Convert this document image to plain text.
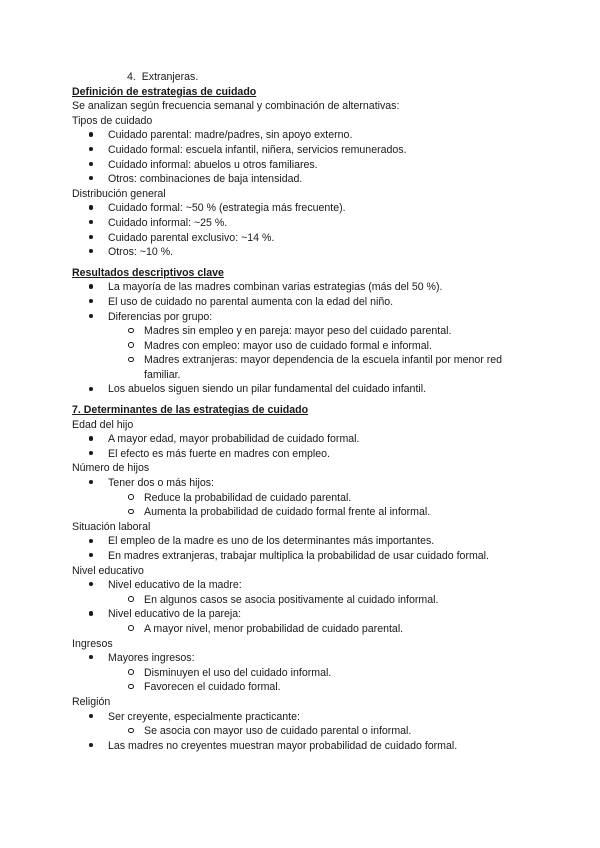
4. Extranjeras.
Definición de estrategias de cuidado
Se analizan según frecuencia semanal y combinación de alternativas:
Tipos de cuidado
Cuidado parental: madre/padres, sin apoyo externo.
Cuidado formal: escuela infantil, niñera, servicios remunerados.
Cuidado informal: abuelos u otros familiares.
Otros: combinaciones de baja intensidad.
Distribución general
Cuidado formal: ~50 % (estrategia más frecuente).
Cuidado informal: ~25 %.
Cuidado parental exclusivo: ~14 %.
Otros: ~10 %.
Resultados descriptivos clave
La mayoría de las madres combinan varias estrategias (más del 50 %).
El uso de cuidado no parental aumenta con la edad del niño.
Diferencias por grupo:
Madres sin empleo y en pareja: mayor peso del cuidado parental.
Madres con empleo: mayor uso de cuidado formal e informal.
Madres extranjeras: mayor dependencia de la escuela infantil por menor red
familiar.
Los abuelos siguen siendo un pilar fundamental del cuidado infantil.
7. Determinantes de las estrategias de cuidado
Edad del hijo
A mayor edad, mayor probabilidad de cuidado formal.
El efecto es más fuerte en madres con empleo.
Número de hijos
Tener dos o más hijos:
Reduce la probabilidad de cuidado parental.
Aumenta la probabilidad de cuidado formal frente al informal.
Situación laboral
El empleo de la madre es uno de los determinantes más importantes.
En madres extranjeras, trabajar multiplica la probabilidad de usar cuidado formal.
Nivel educativo
Nivel educativo de la madre:
En algunos casos se asocia positivamente al cuidado informal.
Nivel educativo de la pareja:
A mayor nivel, menor probabilidad de cuidado parental.
Ingresos
Mayores ingresos:
Disminuyen el uso del cuidado informal.
Favorecen el cuidado formal.
Religión
Ser creyente, especialmente practicante:
Se asocia con mayor uso de cuidado parental o informal.
Las madres no creyentes muestran mayor probabilidad de cuidado formal.
